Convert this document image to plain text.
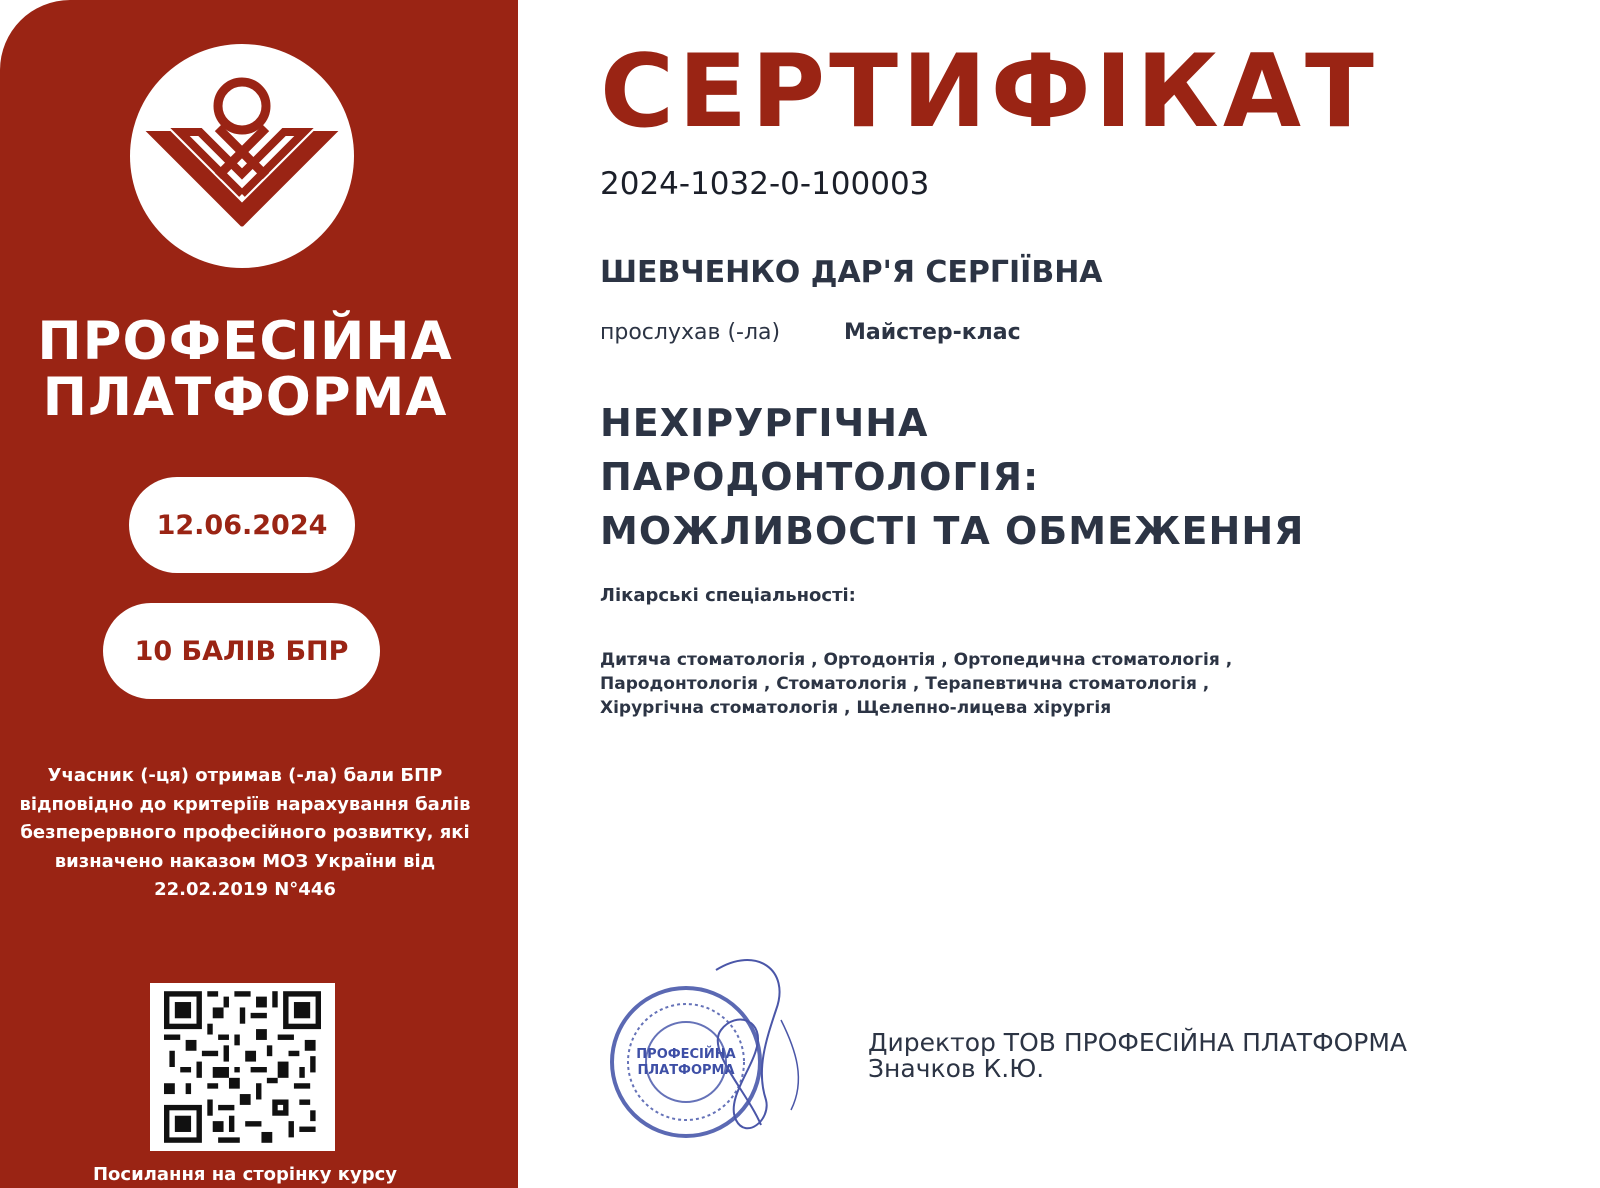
ПРОФЕСІЙНА
ПЛАТФОРМА
12.06.2024
10 БАЛІВ БПР
Учасник (-ця) отримав (-ла) бали БПР відповідно до критеріїв нарахування балів безперервного професійного розвитку, які визначено наказом МОЗ України від 22.02.2019 N°446
Посилання на сторінку курсу
СЕРТИФІКАТ
2024-1032-0-100003
ШЕВЧЕНКО ДАР'Я СЕРГІЇВНА
прослухав (-ла)	Майстер-клас
НЕХІРУРГІЧНА
ПАРОДОНТОЛОГІЯ:
МОЖЛИВОСТІ ТА ОБМЕЖЕННЯ
Лікарські спеціальності:
Дитяча стоматологія , Ортодонтія , Ортопедична стоматологія ,
Пародонтологія , Стоматологія , Терапевтична стоматологія ,
Хірургічна стоматологія , Щелепно-лицева хірургія
ПРОФЕСІЙНА
ПЛАТФОРМА
Директор ТОВ ПРОФЕСІЙНА ПЛАТФОРМА
Значков К.Ю.
